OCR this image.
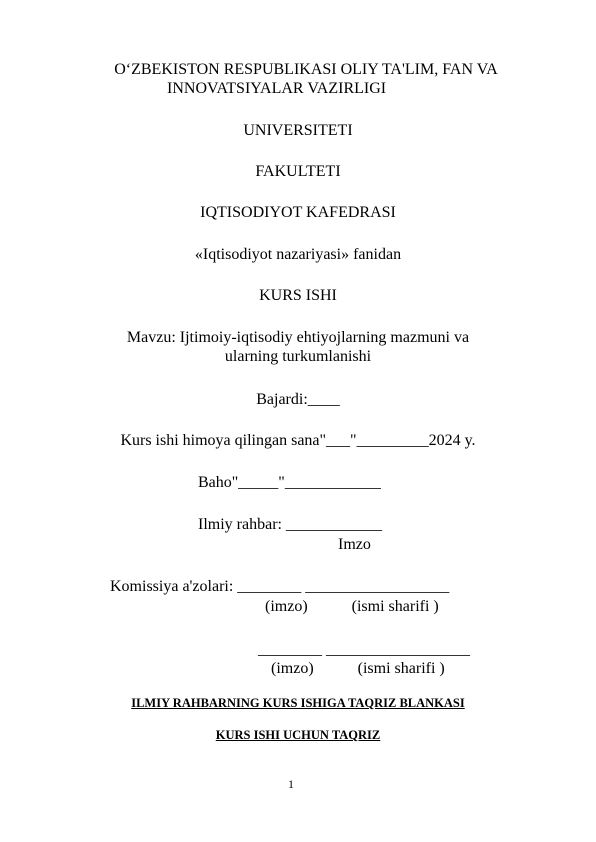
O‘ZBEKISTON RESPUBLIKASI OLIY TA'LIM, FAN VA
INNOVATSIYALAR VAZIRLIGI
UNIVERSITETI
FAKULTETI
IQTISODIYOT KAFEDRASI
«Iqtisodiyot nazariyasi» fanidan
KURS ISHI
Mavzu: Ijtimoiy-iqtisodiy ehtiyojlarning mazmuni va
ularning turkumlanishi
Bajardi:____
Kurs ishi himoya qilingan sana"___"_________2024 y.
Baho"_____"____________
Ilmiy rahbar: ____________
Imzo
Komissiya a'zolari: ________ __________________
(imzo)           (ismi sharifi )
________ __________________
(imzo)           (ismi sharifi )
ILMIY RAHBARNING KURS ISHIGA TAQRIZ BLANKASI
KURS ISHI UCHUN TAQRIZ
1
